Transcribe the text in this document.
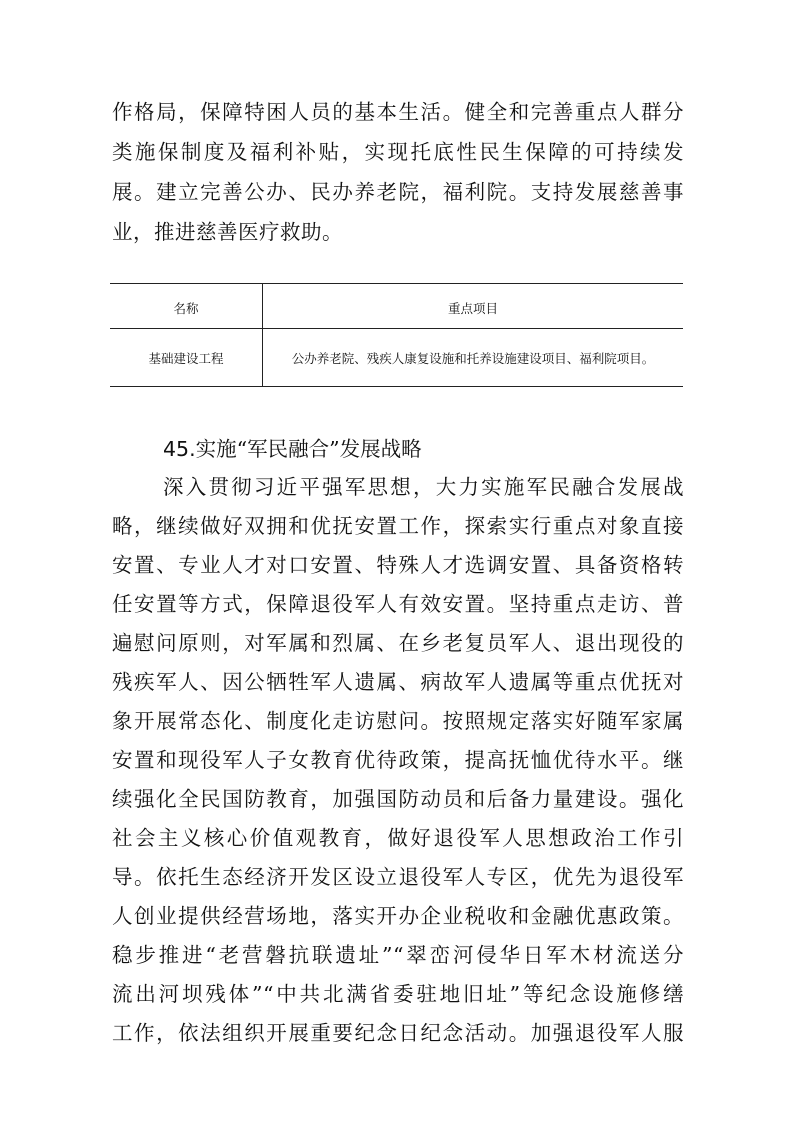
作格局，保障特困人员的基本生活。健全和完善重点人群分
类施保制度及福利补贴，实现托底性民生保障的可持续发
展。建立完善公办、民办养老院，福利院。支持发展慈善事
业，推进慈善医疗救助。
名称	重点项目
基础建设工程	公办养老院、残疾人康复设施和托养设施建设项目、福利院项目。
45.实施“军民融合”发展战略
深入贯彻习近平强军思想，大力实施军民融合发展战
略，继续做好双拥和优抚安置工作，探索实行重点对象直接
安置、专业人才对口安置、特殊人才选调安置、具备资格转
任安置等方式，保障退役军人有效安置。坚持重点走访、普
遍慰问原则，对军属和烈属、在乡老复员军人、退出现役的
残疾军人、因公牺牲军人遗属、病故军人遗属等重点优抚对
象开展常态化、制度化走访慰问。按照规定落实好随军家属
安置和现役军人子女教育优待政策，提高抚恤优待水平。继
续强化全民国防教育，加强国防动员和后备力量建设。强化
社会主义核心价值观教育，做好退役军人思想政治工作引
导。依托生态经济开发区设立退役军人专区，优先为退役军
人创业提供经营场地，落实开办企业税收和金融优惠政策。
稳步推进“老营磐抗联遗址”“翠峦河侵华日军木材流送分
流出河坝残体”“中共北满省委驻地旧址”等纪念设施修缮
工作，依法组织开展重要纪念日纪念活动。加强退役军人服
